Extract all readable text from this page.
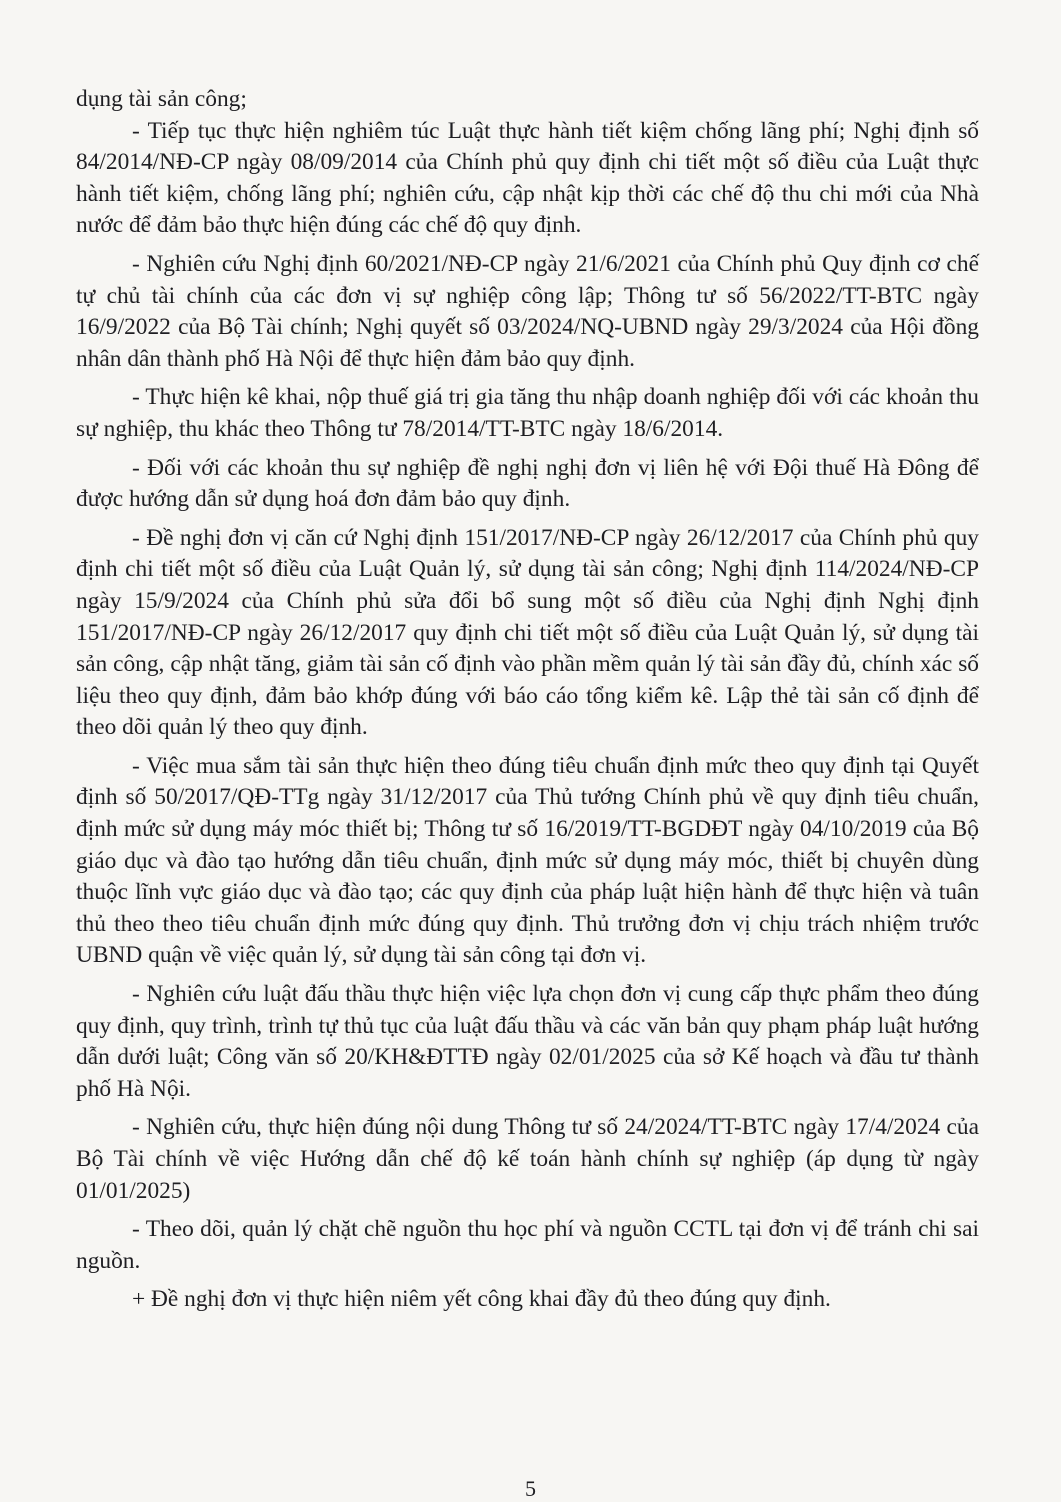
dụng tài sản công;

- Tiếp tục thực hiện nghiêm túc Luật thực hành tiết kiệm chống lãng phí; Nghị định số 84/2014/NĐ-CP ngày 08/09/2014 của Chính phủ quy định chi tiết một số điều của Luật thực hành tiết kiệm, chống lãng phí; nghiên cứu, cập nhật kịp thời các chế độ thu chi mới của Nhà nước để đảm bảo thực hiện đúng các chế độ quy định.

- Nghiên cứu Nghị định 60/2021/NĐ-CP ngày 21/6/2021 của Chính phủ Quy định cơ chế tự chủ tài chính của các đơn vị sự nghiệp công lập; Thông tư số 56/2022/TT-BTC ngày 16/9/2022 của Bộ Tài chính; Nghị quyết số 03/2024/NQ-UBND ngày 29/3/2024 của Hội đồng nhân dân thành phố Hà Nội để thực hiện đảm bảo quy định.

- Thực hiện kê khai, nộp thuế giá trị gia tăng thu nhập doanh nghiệp đối với các khoản thu sự nghiệp, thu khác theo Thông tư 78/2014/TT-BTC ngày 18/6/2014.

- Đối với các khoản thu sự nghiệp đề nghị nghị đơn vị liên hệ với Đội thuế Hà Đông để được hướng dẫn sử dụng hoá đơn đảm bảo quy định.

- Đề nghị đơn vị căn cứ Nghị định 151/2017/NĐ-CP ngày 26/12/2017 của Chính phủ quy định chi tiết một số điều của Luật Quản lý, sử dụng tài sản công; Nghị định 114/2024/NĐ-CP ngày 15/9/2024 của Chính phủ sửa đổi bổ sung một số điều của Nghị định Nghị định 151/2017/NĐ-CP ngày 26/12/2017 quy định chi tiết một số điều của Luật Quản lý, sử dụng tài sản công, cập nhật tăng, giảm tài sản cố định vào phần mềm quản lý tài sản đầy đủ, chính xác số liệu theo quy định, đảm bảo khớp đúng với báo cáo tổng kiểm kê. Lập thẻ tài sản cố định để theo dõi quản lý theo quy định.

- Việc mua sắm tài sản thực hiện theo đúng tiêu chuẩn định mức theo quy định tại Quyết định số 50/2017/QĐ-TTg ngày 31/12/2017 của Thủ tướng Chính phủ về quy định tiêu chuẩn, định mức sử dụng máy móc thiết bị; Thông tư số 16/2019/TT-BGDĐT ngày 04/10/2019 của Bộ giáo dục và đào tạo hướng dẫn tiêu chuẩn, định mức sử dụng máy móc, thiết bị chuyên dùng thuộc lĩnh vực giáo dục và đào tạo; các quy định của pháp luật hiện hành để thực hiện và tuân thủ theo theo tiêu chuẩn định mức đúng quy định. Thủ trưởng đơn vị chịu trách nhiệm trước UBND quận về việc quản lý, sử dụng tài sản công tại đơn vị.

- Nghiên cứu luật đấu thầu thực hiện việc lựa chọn đơn vị cung cấp thực phẩm theo đúng quy định, quy trình, trình tự thủ tục của luật đấu thầu và các văn bản quy phạm pháp luật hướng dẫn dưới luật; Công văn số 20/KH&ĐTTĐ ngày 02/01/2025 của sở Kế hoạch và đầu tư thành phố Hà Nội.

- Nghiên cứu, thực hiện đúng nội dung Thông tư số 24/2024/TT-BTC ngày 17/4/2024 của Bộ Tài chính về việc Hướng dẫn chế độ kế toán hành chính sự nghiệp (áp dụng từ ngày 01/01/2025)

- Theo dõi, quản lý chặt chẽ nguồn thu học phí và nguồn CCTL tại đơn vị để tránh chi sai nguồn.

+ Đề nghị đơn vị thực hiện niêm yết công khai đầy đủ theo đúng quy định.

5
